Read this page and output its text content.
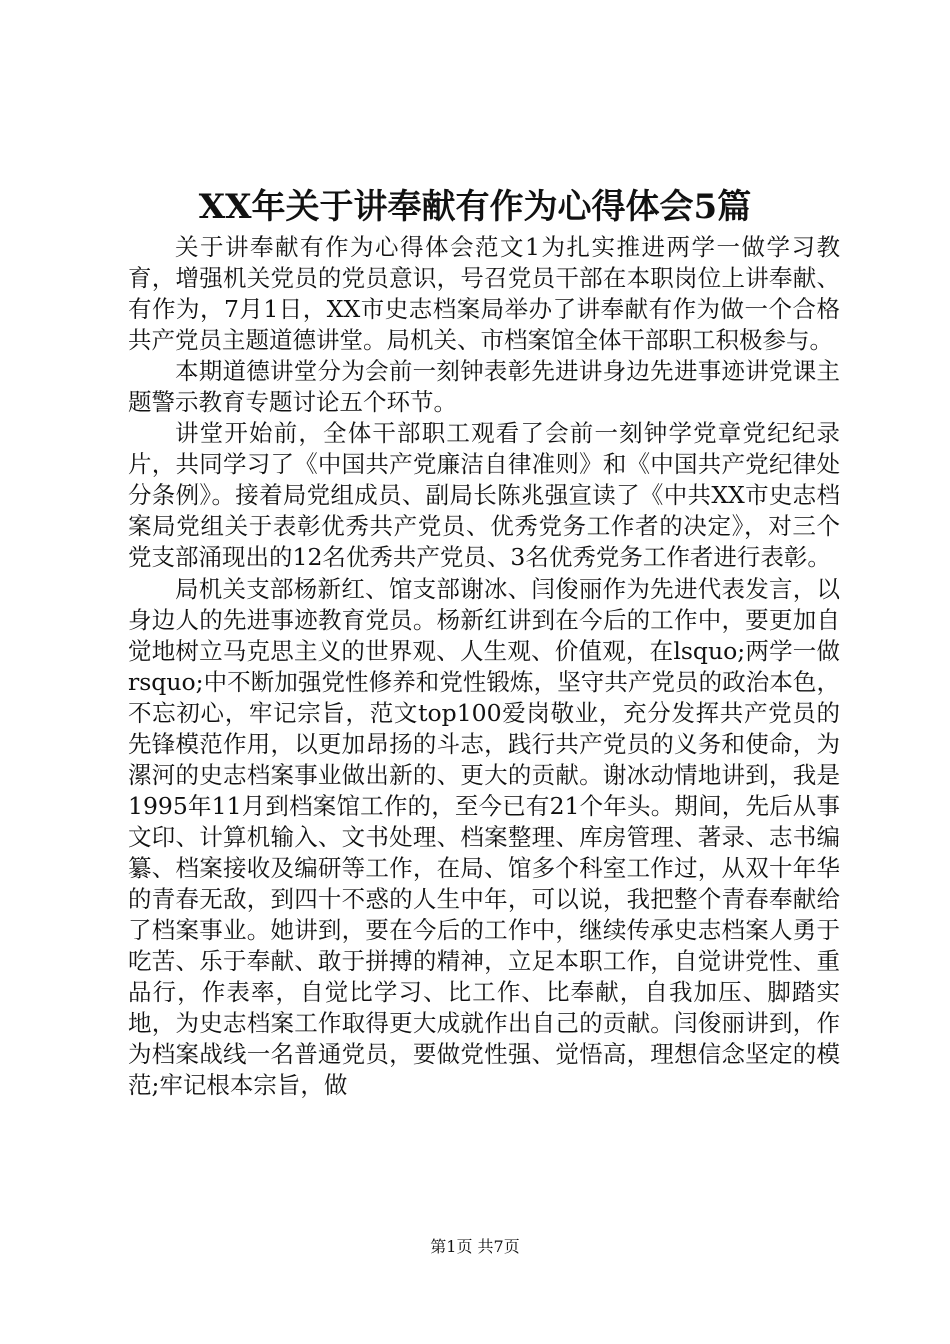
XX年关于讲奉献有作为心得体会5篇

关于讲奉献有作为心得体会范文1为扎实推进两学一做学习教育，增强机关党员的党员意识，号召党员干部在本职岗位上讲奉献、有作为，7月1日，XX市史志档案局举办了讲奉献有作为做一个合格共产党员主题道德讲堂。局机关、市档案馆全体干部职工积极参与。

本期道德讲堂分为会前一刻钟表彰先进讲身边先进事迹讲党课主题警示教育专题讨论五个环节。

讲堂开始前，全体干部职工观看了会前一刻钟学党章党纪纪录片，共同学习了《中国共产党廉洁自律准则》和《中国共产党纪律处分条例》。接着局党组成员、副局长陈兆强宣读了《中共XX市史志档案局党组关于表彰优秀共产党员、优秀党务工作者的决定》，对三个党支部涌现出的12名优秀共产党员、3名优秀党务工作者进行表彰。

局机关支部杨新红、馆支部谢冰、闫俊丽作为先进代表发言，以身边人的先进事迹教育党员。杨新红讲到在今后的工作中，要更加自觉地树立马克思主义的世界观、人生观、价值观，在lsquo;两学一做rsquo;中不断加强党性修养和党性锻炼，坚守共产党员的政治本色，不忘初心，牢记宗旨，范文top100爱岗敬业，充分发挥共产党员的先锋模范作用，以更加昂扬的斗志，践行共产党员的义务和使命，为漯河的史志档案事业做出新的、更大的贡献。谢冰动情地讲到，我是1995年11月到档案馆工作的，至今已有21个年头。期间，先后从事文印、计算机输入、文书处理、档案整理、库房管理、著录、志书编纂、档案接收及编研等工作，在局、馆多个科室工作过，从双十年华的青春无敌，到四十不惑的人生中年，可以说，我把整个青春奉献给了档案事业。她讲到，要在今后的工作中，继续传承史志档案人勇于吃苦、乐于奉献、敢于拼搏的精神，立足本职工作，自觉讲党性、重品行，作表率，自觉比学习、比工作、比奉献，自我加压、脚踏实地，为史志档案工作取得更大成就作出自己的贡献。闫俊丽讲到，作为档案战线一名普通党员，要做党性强、觉悟高，理想信念坚定的模范;牢记根本宗旨，做

第1页 共7页
